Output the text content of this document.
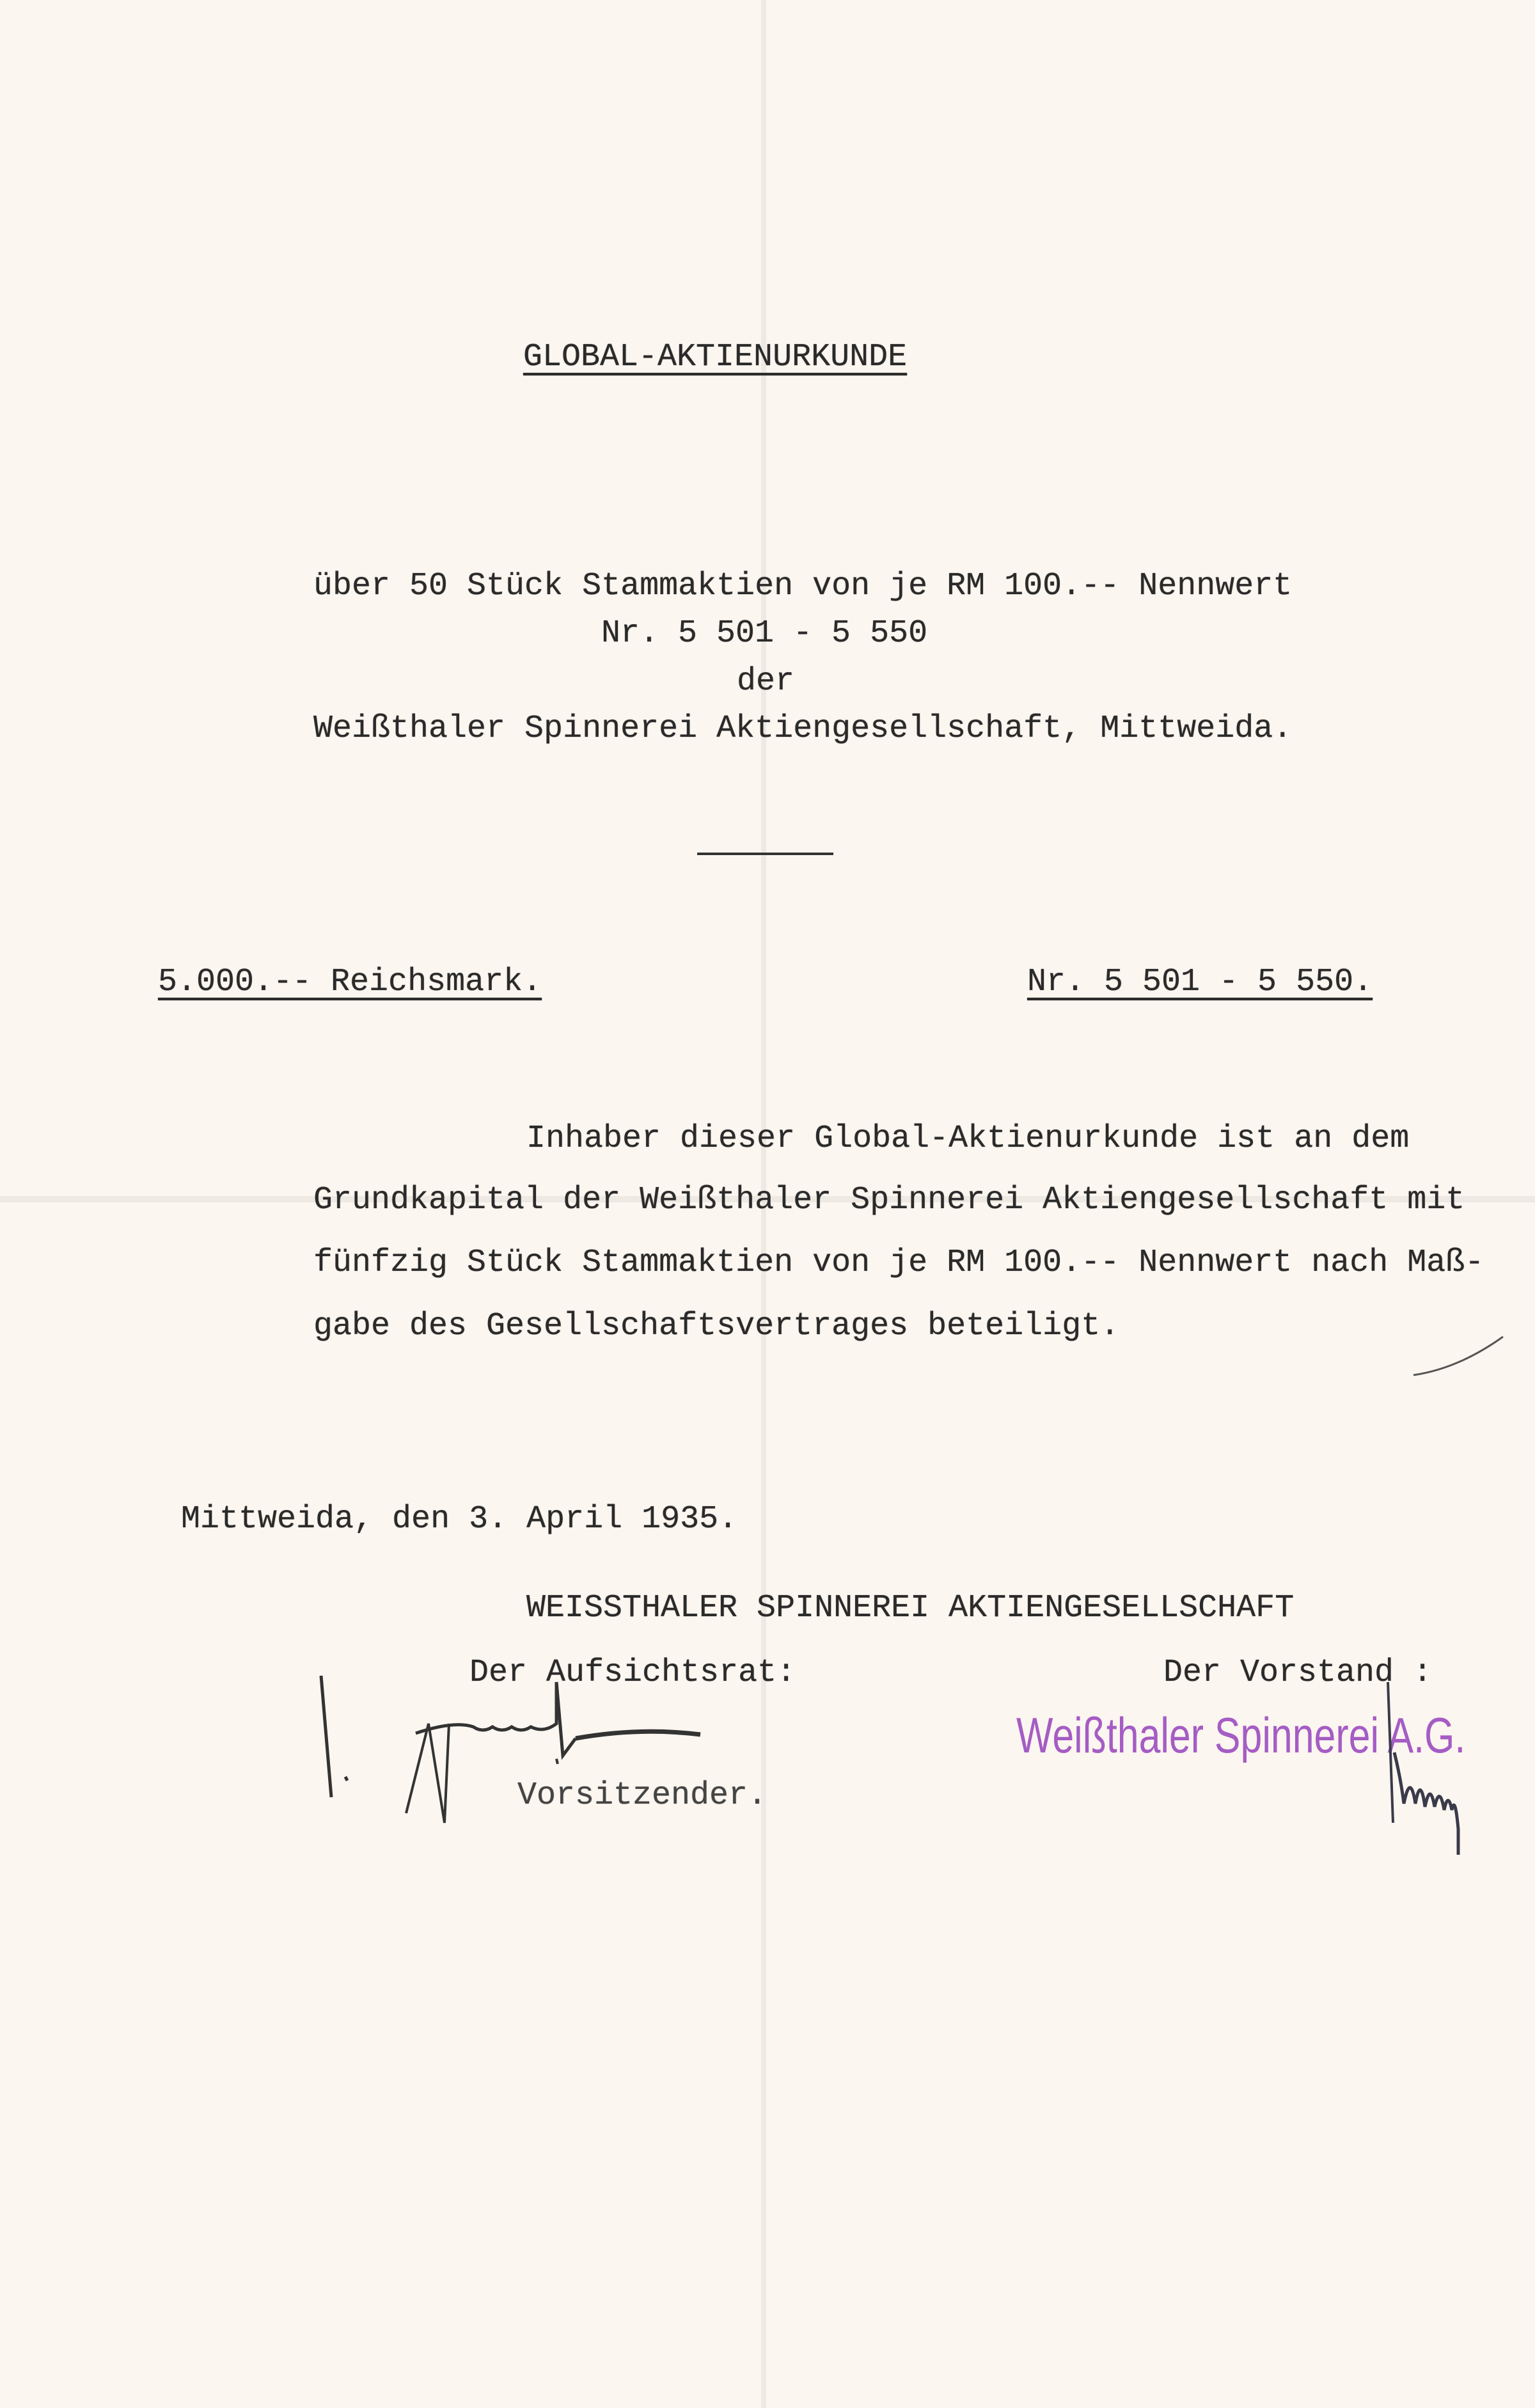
GLOBAL-AKTIENURKUNDE
über 50 Stück Stammaktien von je RM 100.-- Nennwert
Nr. 5 501 - 5 550
der
Weißthaler Spinnerei Aktiengesellschaft, Mittweida.
5.000.-- Reichsmark.	Nr. 5 501 - 5 550.
Inhaber dieser Global-Aktienurkunde ist an dem
Grundkapital der Weißthaler Spinnerei Aktiengesellschaft mit
fünfzig Stück Stammaktien von je RM 100.-- Nennwert nach Maß-
gabe des Gesellschaftsvertrages beteiligt.
Mittweida, den 3. April 1935.
WEISSTHALER SPINNEREI AKTIENGESELLSCHAFT
Der Aufsichtsrat:	Der Vorstand :
Vorsitzender.
Weißthaler Spinnerei A.G.
